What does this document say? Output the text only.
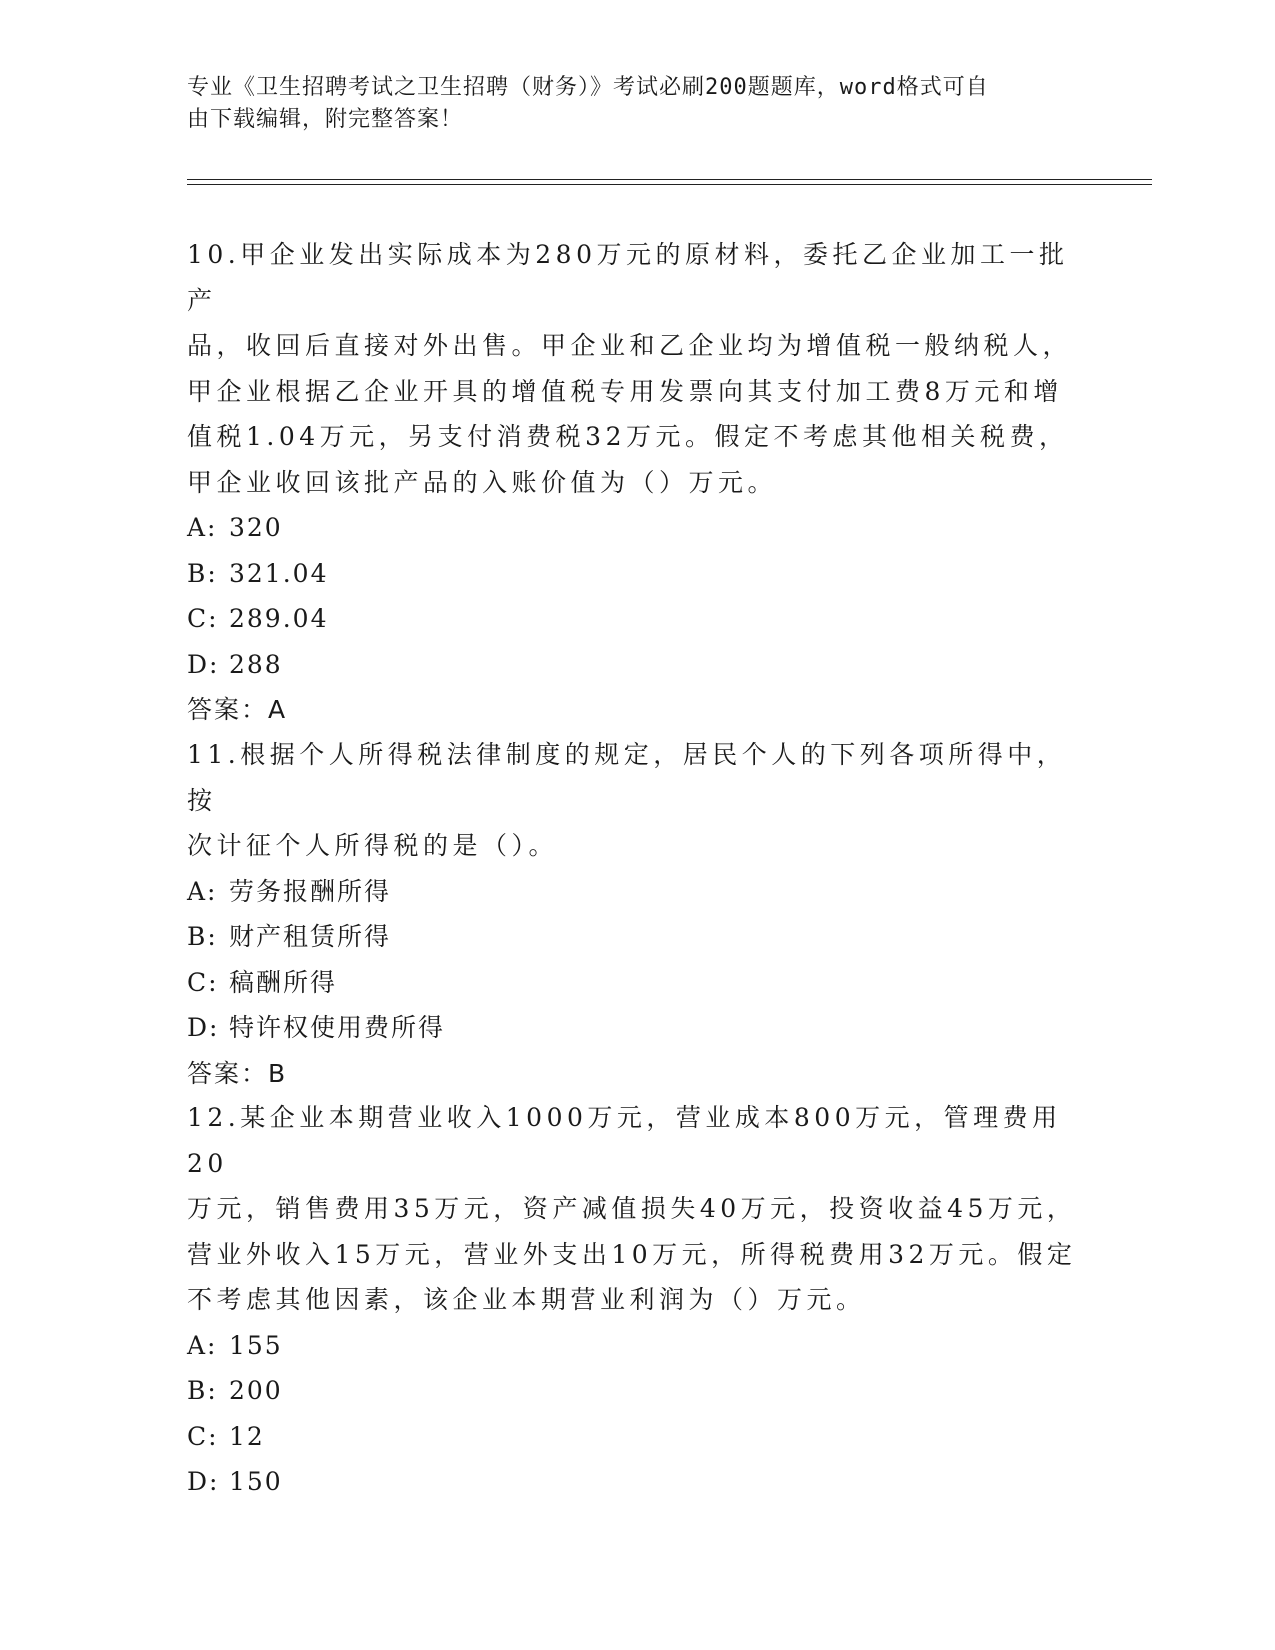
专业《卫生招聘考试之卫生招聘（财务）》考试必刷200题题库，word格式可自
由下载编辑，附完整答案！

10.甲企业发出实际成本为280万元的原材料，委托乙企业加工一批产

品，收回后直接对外出售。甲企业和乙企业均为增值税一般纳税人，

甲企业根据乙企业开具的增值税专用发票向其支付加工费8万元和增

值税1.04万元，另支付消费税32万元。假定不考虑其他相关税费，

甲企业收回该批产品的入账价值为（）万元。

A: 320

B: 321.04

C: 289.04

D: 288

答案：A

11.根据个人所得税法律制度的规定，居民个人的下列各项所得中，按

次计征个人所得税的是（）。

A: 劳务报酬所得

B: 财产租赁所得

C: 稿酬所得

D: 特许权使用费所得

答案：B

12.某企业本期营业收入1000万元，营业成本800万元，管理费用20

万元，销售费用35万元，资产减值损失40万元，投资收益45万元，

营业外收入15万元，营业外支出10万元，所得税费用32万元。假定

不考虑其他因素，该企业本期营业利润为（）万元。

A: 155

B: 200

C: 12

D: 150
